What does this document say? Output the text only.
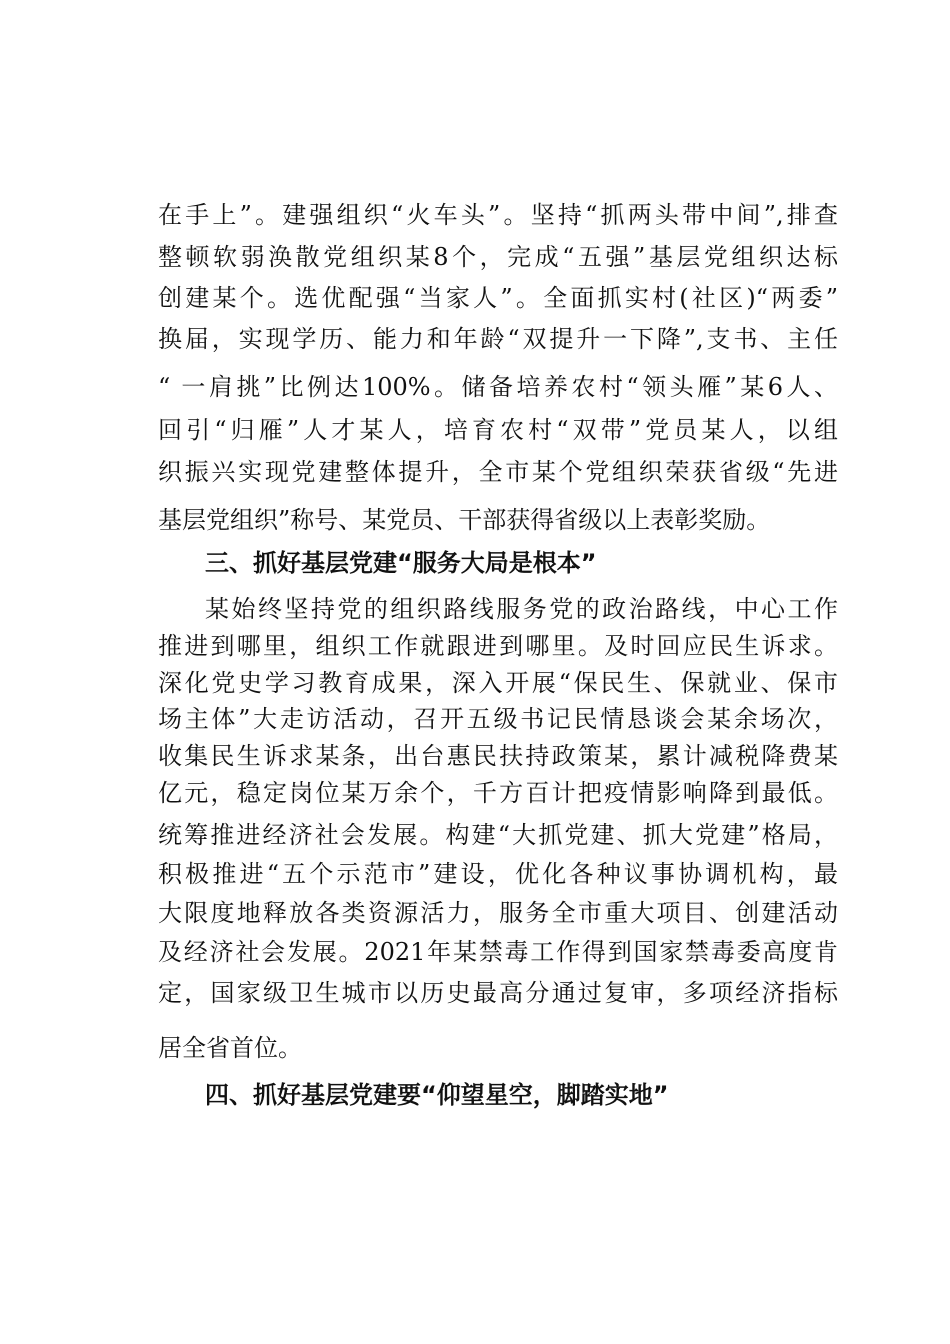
在手上”。建强组织“火车头”。坚持“抓两头带中间”,排查
整顿软弱涣散党组织某8个，完成“五强”基层党组织达标
创建某个。选优配强“当家人”。全面抓实村(社区)“两委”
换届，实现学历、能力和年龄“双提升一下降”,支书、主任
“ 一肩挑”比例达100%。储备培养农村“领头雁”某6人、
回引“归雁”人才某人，培育农村“双带”党员某人，以组
织振兴实现党建整体提升，全市某个党组织荣获省级“先进
基层党组织”称号、某党员、干部获得省级以上表彰奖励。
三、抓好基层党建“服务大局是根本”
某始终坚持党的组织路线服务党的政治路线，中心工作
推进到哪里，组织工作就跟进到哪里。及时回应民生诉求。
深化党史学习教育成果，深入开展“保民生、保就业、保市
场主体”大走访活动，召开五级书记民情恳谈会某余场次，
收集民生诉求某条，出台惠民扶持政策某，累计减税降费某
亿元，稳定岗位某万余个，千方百计把疫情影响降到最低。
统筹推进经济社会发展。构建“大抓党建、抓大党建”格局，
积极推进“五个示范市”建设，优化各种议事协调机构，最
大限度地释放各类资源活力，服务全市重大项目、创建活动
及经济社会发展。2021年某禁毒工作得到国家禁毒委高度肯
定，国家级卫生城市以历史最高分通过复审，多项经济指标
居全省首位。
四、抓好基层党建要“仰望星空，脚踏实地”
